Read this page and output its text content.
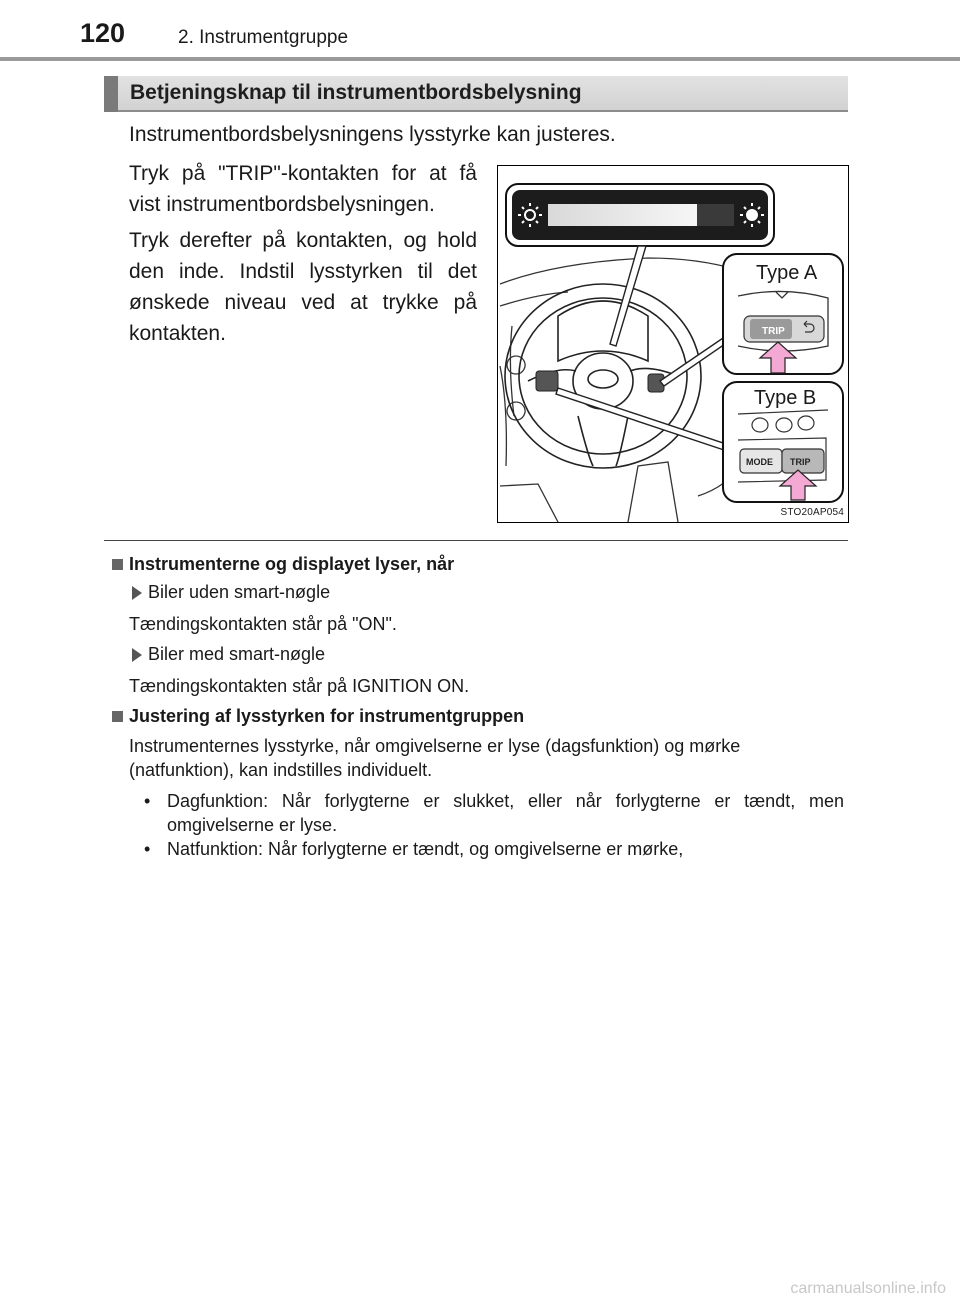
120	2. Instrumentgruppe
Betjeningsknap til instrumentbordsbelysning
Instrumentbordsbelysningens lysstyrke kan justeres.

Tryk på "TRIP"-kontakten for at få vist instrumentbordsbelysningen.

Tryk derefter på kontakten, og hold den inde. Indstil lysstyrken til det ønskede niveau ved at trykke på kontakten.	TRIP
MODE TRIP
Type A
Type B
STO20AP054
Instrumenterne og displayet lyser, når
Biler uden smart-nøgle
Tændingskontakten står på "ON".
Biler med smart-nøgle
Tændingskontakten står på IGNITION ON.
Justering af lysstyrken for instrumentgruppen

Instrumenternes lysstyrke, når omgivelserne er lyse (dagsfunktion) og mørke (natfunktion), kan indstilles individuelt.

• Dagfunktion: Når forlygterne er slukket, eller når forlygterne er tændt, men omgivelserne er lyse.
• Natfunktion: Når forlygterne er tændt, og omgivelserne er mørke,
carmanualsonline.info
